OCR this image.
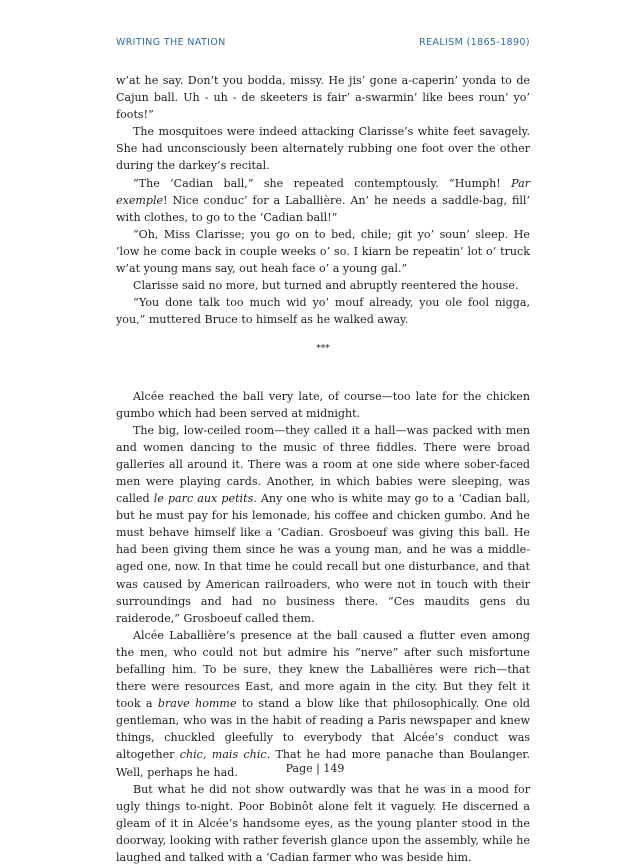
WRITING THE NATION	REALISM (1865-1890)

w’at he say. Don’t you bodda, missy. He jis’ gone a-caperin’ yonda to de Cajun ball. Uh - uh - de skeeters is fair’ a-swarmin’ like bees roun’ yo’ foots!”

The mosquitoes were indeed attacking Clarisse’s white feet savagely. She had unconsciously been alternately rubbing one foot over the other during the darkey’s recital.

“The ‘Cadian ball,” she repeated contemptously. “Humph! Par exemple! Nice conduc’ for a Laballière. An’ he needs a saddle-bag, fill’ with clothes, to go to the ‘Cadian ball!”

“Oh, Miss Clarisse; you go on to bed, chile; git yo’ soun’ sleep. He ’low he come back in couple weeks o’ so. I kiarn be repeatin’ lot o’ truck w’at young mans say, out heah face o’ a young gal.”

Clarisse said no more, but turned and abruptly reentered the house.

“You done talk too much wid yo’ mouf already, you ole fool nigga, you,” muttered Bruce to himself as he walked away.

***

Alcée reached the ball very late, of course—too late for the chicken gumbo which had been served at midnight.

The big, low-ceiled room—they called it a hall—was packed with men and women dancing to the music of three fiddles. There were broad galleries all around it. There was a room at one side where sober-faced men were playing cards. Another, in which babies were sleeping, was called le parc aux petits. Any one who is white may go to a ‘Cadian ball, but he must pay for his lemonade, his coffee and chicken gumbo. And he must behave himself like a ‘Cadian. Grosboeuf was giving this ball. He had been giving them since he was a young man, and he was a middle-aged one, now. In that time he could recall but one disturbance, and that was caused by American railroaders, who were not in touch with their surroundings and had no business there. “Ces maudits gens du raiderode,” Grosboeuf called them.

Alcée Laballière’s presence at the ball caused a flutter even among the men, who could not but admire his “nerve” after such misfortune befalling him. To be sure, they knew the Laballières were rich—that there were resources East, and more again in the city. But they felt it took a brave homme to stand a blow like that philosophically. One old gentleman, who was in the habit of reading a Paris newspaper and knew things, chuckled gleefully to everybody that Alcée’s conduct was altogether chic, mais chic. That he had more panache than Boulanger. Well, perhaps he had.

But what he did not show outwardly was that he was in a mood for ugly things to-night. Poor Bobinôt alone felt it vaguely. He discerned a gleam of it in Alcée’s handsome eyes, as the young planter stood in the doorway, looking with rather feverish glance upon the assembly, while he laughed and talked with a ‘Cadian farmer who was beside him.

Page | 149
